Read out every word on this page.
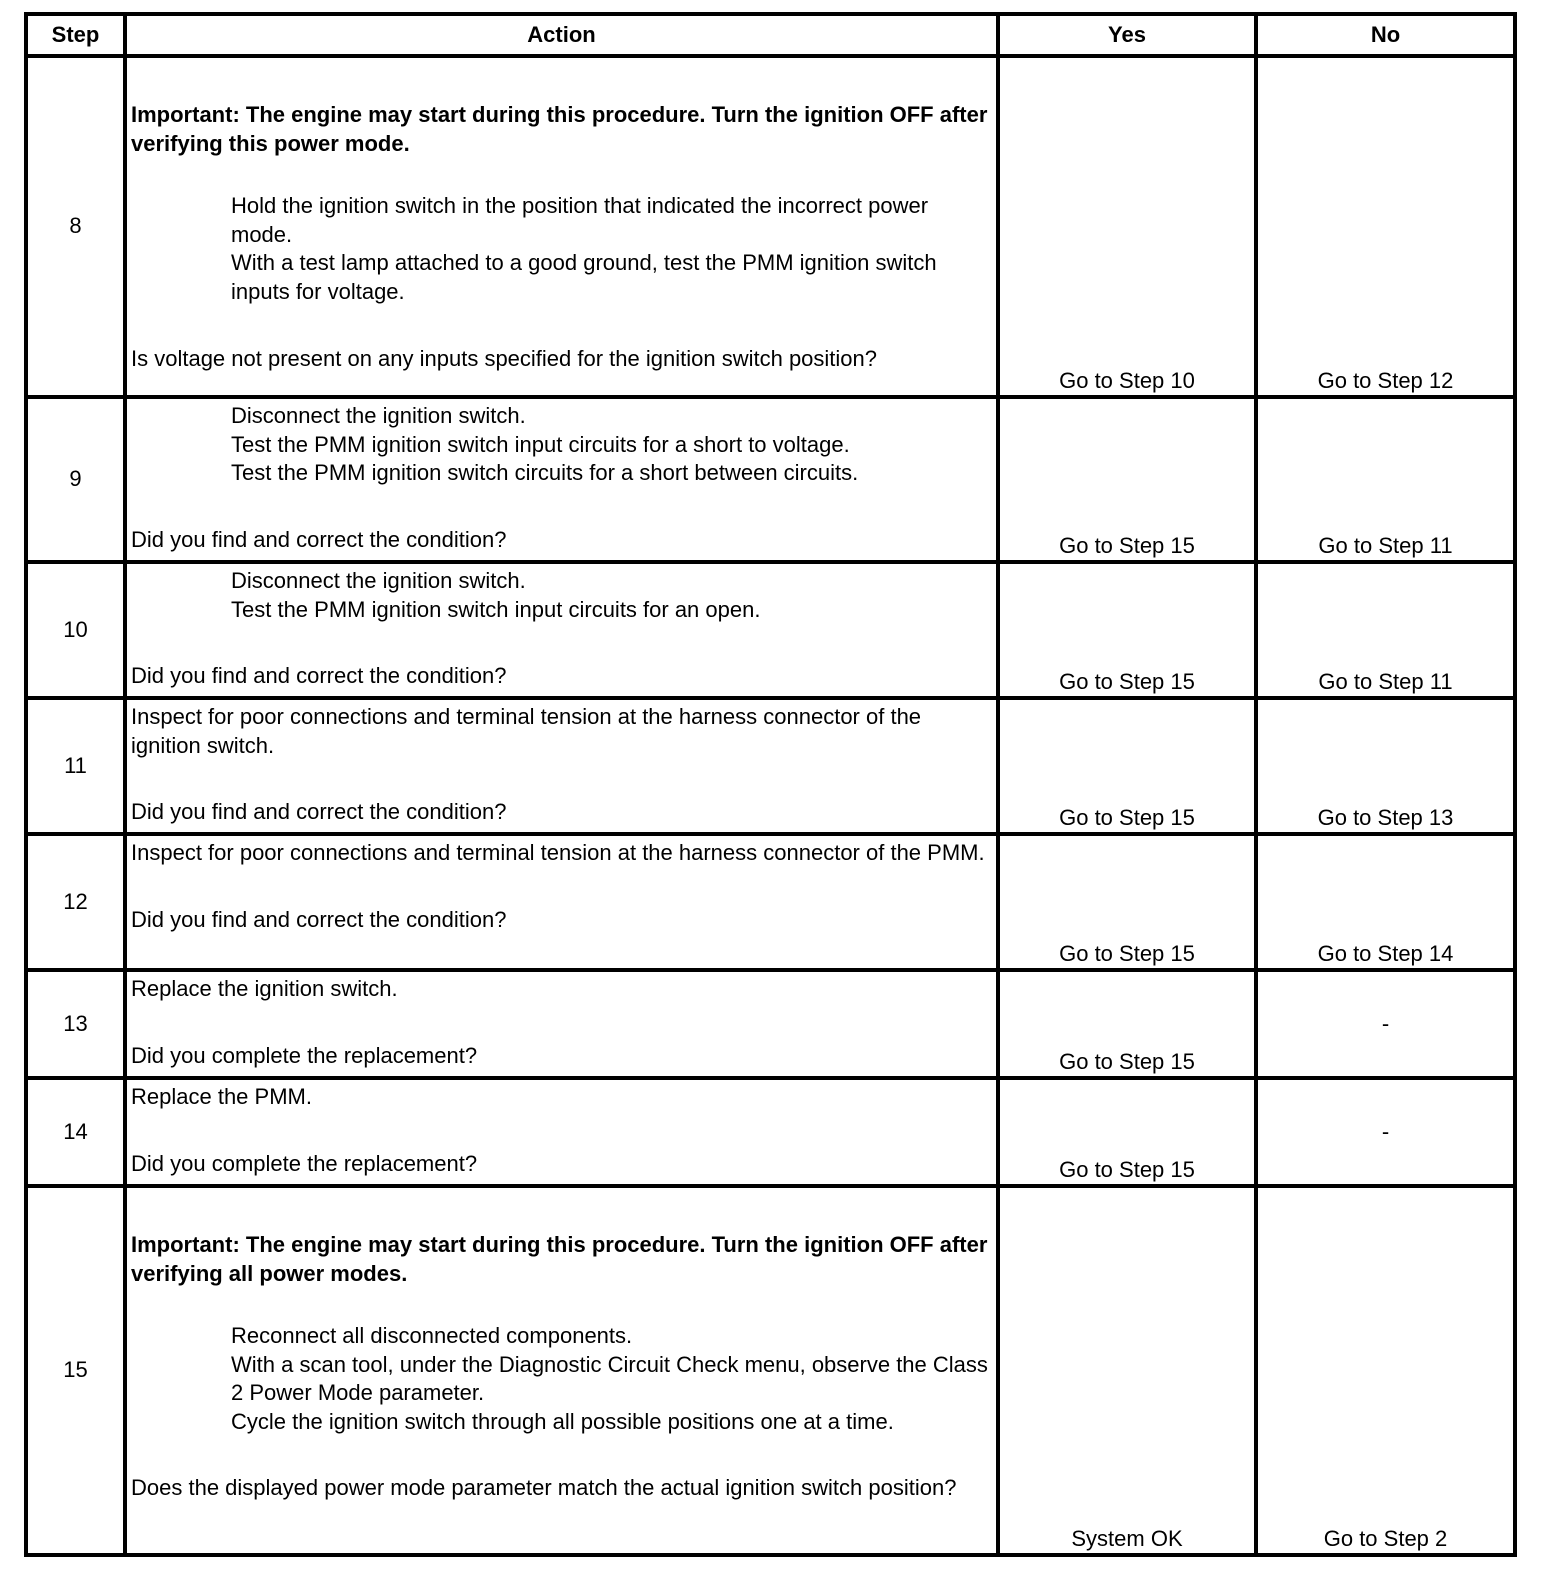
Step	Action	Yes	No
8	Important: The engine may start during this procedure. Turn the ignition OFF after verifying this power mode.
Hold the ignition switch in the position that indicated the incorrect power mode.
With a test lamp attached to a good ground, test the PMM ignition switch inputs for voltage.
Is voltage not present on any inputs specified for the ignition switch position?	Go to Step 10	Go to Step 12
9	Disconnect the ignition switch.
Test the PMM ignition switch input circuits for a short to voltage.
Test the PMM ignition switch circuits for a short between circuits.
Did you find and correct the condition?	Go to Step 15	Go to Step 11
10	Disconnect the ignition switch.
Test the PMM ignition switch input circuits for an open.
Did you find and correct the condition?	Go to Step 15	Go to Step 11
11	Inspect for poor connections and terminal tension at the harness connector of the ignition switch.
Did you find and correct the condition?	Go to Step 15	Go to Step 13
12	Inspect for poor connections and terminal tension at the harness connector of the PMM.
Did you find and correct the condition?	Go to Step 15	Go to Step 14
13	Replace the ignition switch.
Did you complete the replacement?	Go to Step 15	-
14	Replace the PMM.
Did you complete the replacement?	Go to Step 15	-
15	Important: The engine may start during this procedure. Turn the ignition OFF after verifying all power modes.
Reconnect all disconnected components.
With a scan tool, under the Diagnostic Circuit Check menu, observe the Class 2 Power Mode parameter.
Cycle the ignition switch through all possible positions one at a time.
Does the displayed power mode parameter match the actual ignition switch position?	System OK	Go to Step 2
